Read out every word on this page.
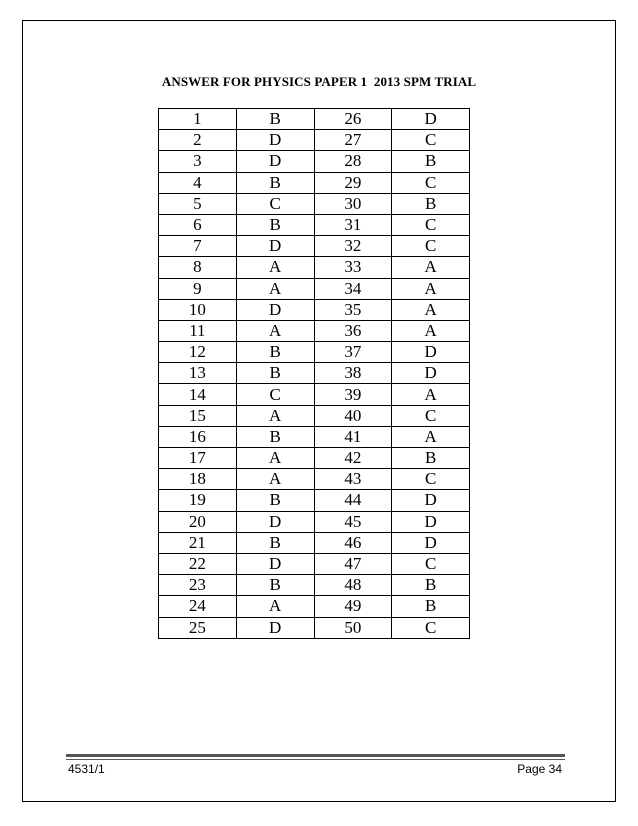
ANSWER FOR PHYSICS PAPER 1  2013 SPM TRIAL
1	B	26	D
2	D	27	C
3	D	28	B
4	B	29	C
5	C	30	B
6	B	31	C
7	D	32	C
8	A	33	A
9	A	34	A
10	D	35	A
11	A	36	A
12	B	37	D
13	B	38	D
14	C	39	A
15	A	40	C
16	B	41	A
17	A	42	B
18	A	43	C
19	B	44	D
20	D	45	D
21	B	46	D
22	D	47	C
23	B	48	B
24	A	49	B
25	D	50	C
4531/1	Page 34
